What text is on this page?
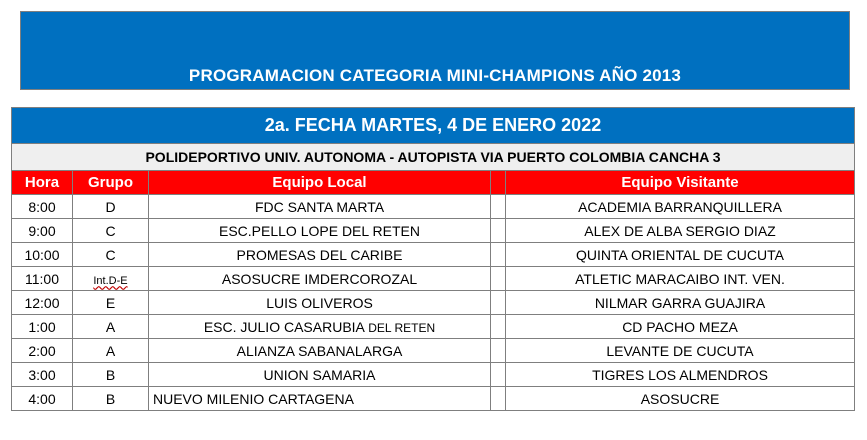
PROGRAMACION CATEGORIA MINI-CHAMPIONS AÑO 2013
2a. FECHA MARTES, 4 DE ENERO 2022				
POLIDEPORTIVO UNIV. AUTONOMA - AUTOPISTA VIA PUERTO COLOMBIA CANCHA 3				
Hora	Grupo	Equipo Local		Equipo Visitante
8:00	D	FDC SANTA MARTA		ACADEMIA BARRANQUILLERA
9:00	C	ESC.PELLO LOPE DEL RETEN		ALEX DE ALBA SERGIO DIAZ
10:00	C	PROMESAS DEL CARIBE		QUINTA ORIENTAL DE CUCUTA
11:00	Int.D-E	ASOSUCRE IMDERCOROZAL		ATLETIC MARACAIBO INT. VEN.
12:00	E	LUIS OLIVEROS		NILMAR GARRA GUAJIRA
1:00	A	ESC. JULIO CASARUBIA DEL RETEN		CD PACHO MEZA
2:00	A	ALIANZA SABANALARGA		LEVANTE DE CUCUTA
3:00	B	UNION SAMARIA		TIGRES LOS ALMENDROS
4:00	B	NUEVO MILENIO CARTAGENA		ASOSUCRE
